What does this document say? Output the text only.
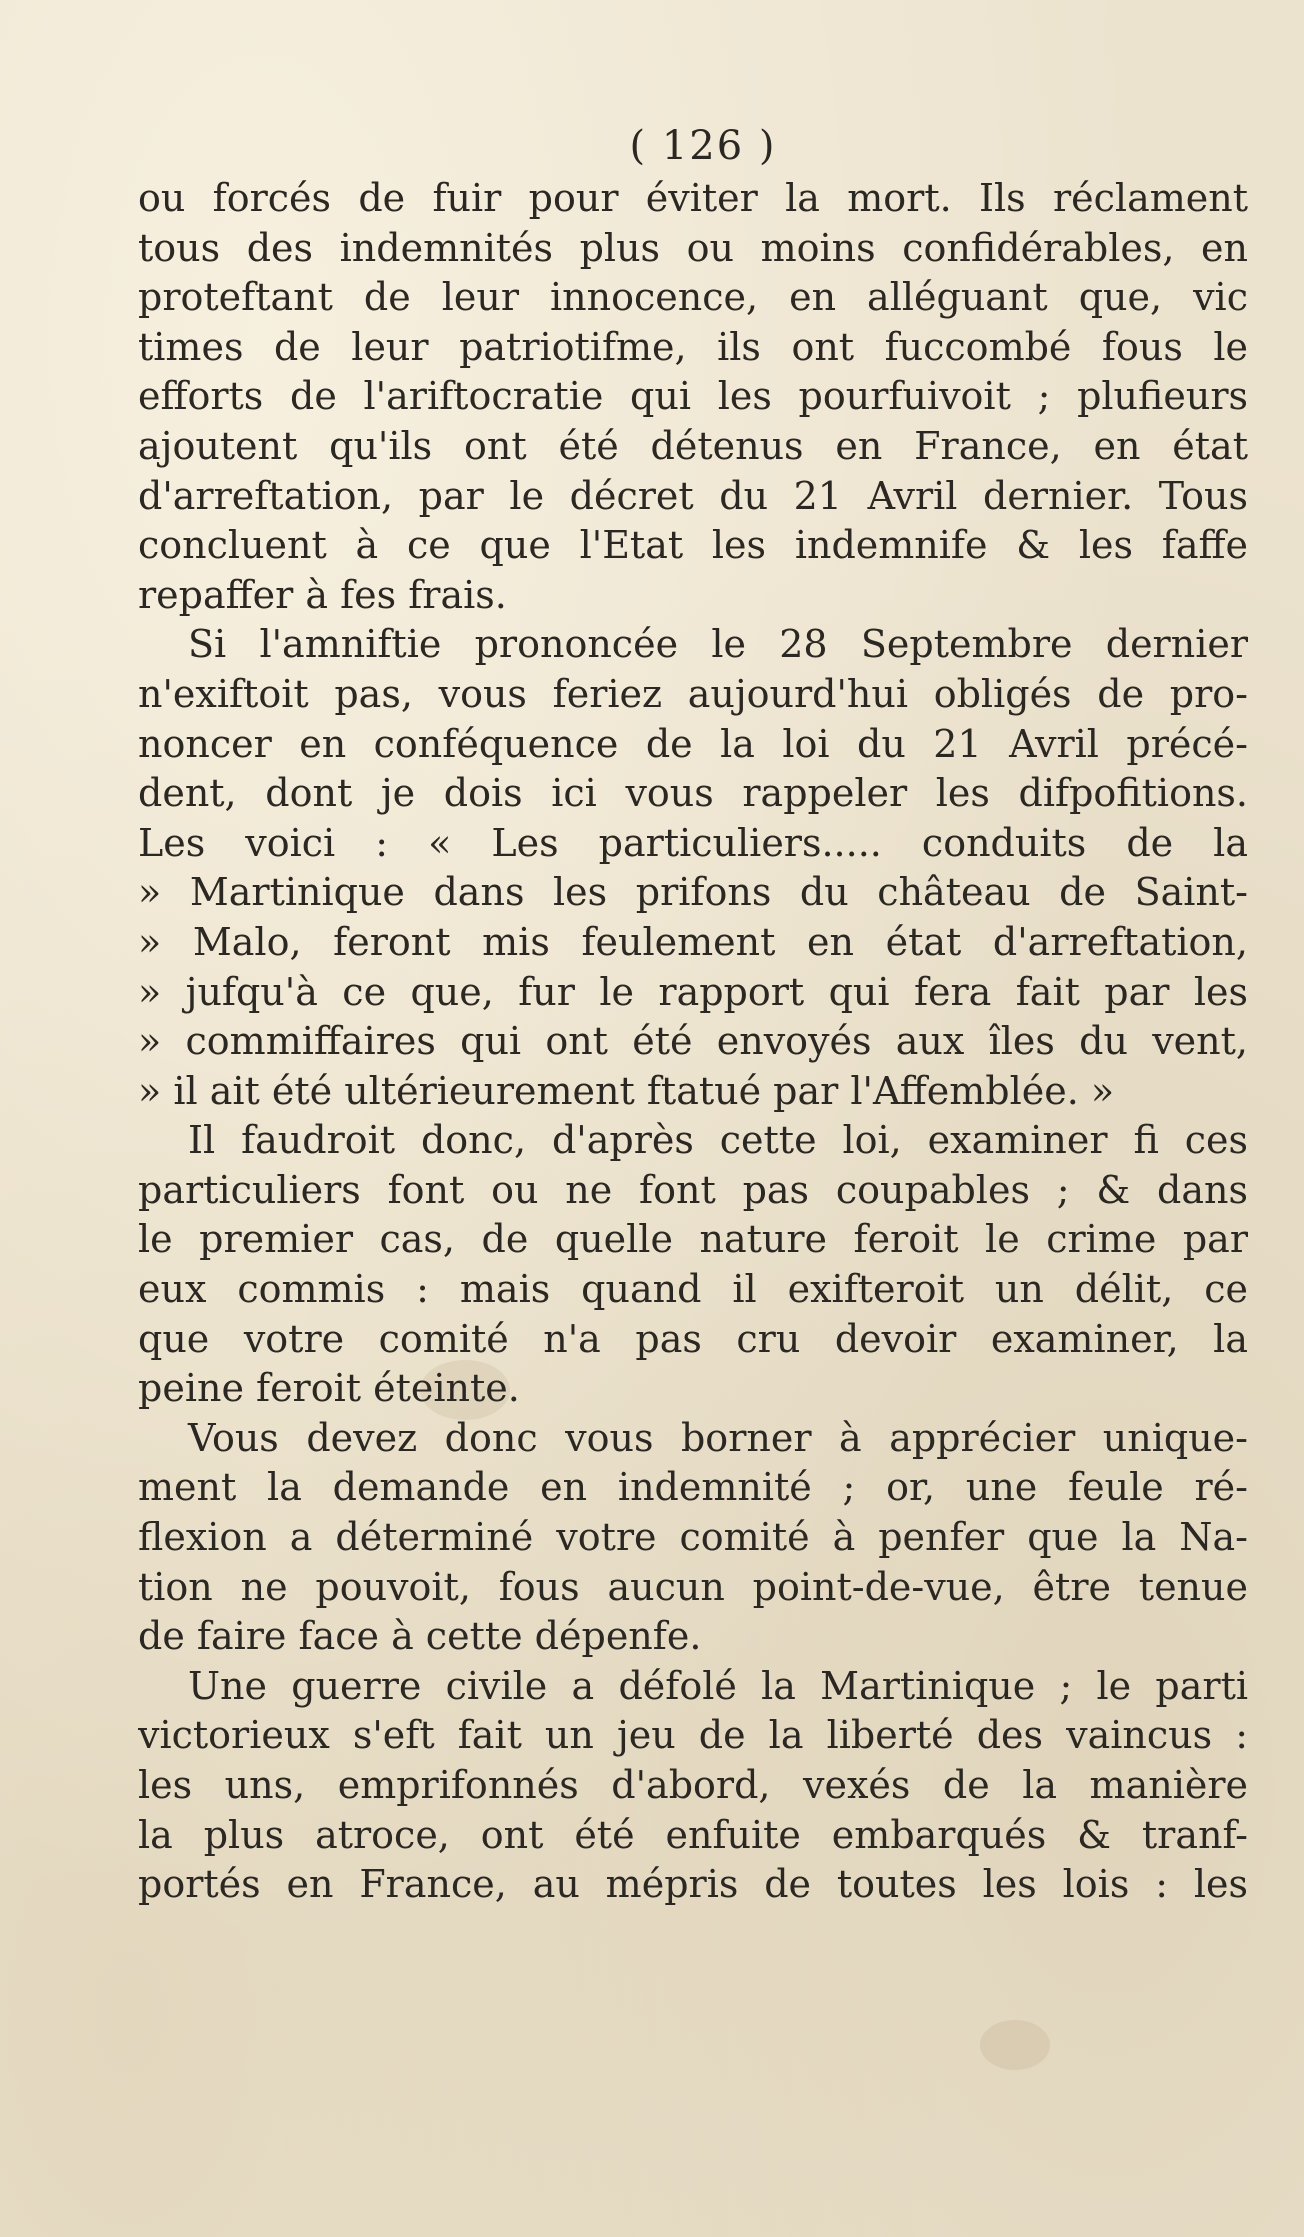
( 126 )
ou forcés de fuir pour éviter la mort. Ils réclament
tous des indemnités plus ou moins confidérables, en
proteftant de leur innocence, en alléguant que, vic
times de leur patriotifme, ils ont fuccombé fous le
efforts de l'ariftocratie qui les pourfuivoit ; plufieurs
ajoutent qu'ils ont été détenus en France, en état
d'arreftation, par le décret du 21 Avril dernier. Tous
concluent à ce que l'Etat les indemnife & les faffe
repaffer à fes frais.
Si l'amniftie prononcée le 28 Septembre dernier
n'exiftoit pas, vous feriez aujourd'hui obligés de pro-
noncer en conféquence de la loi du 21 Avril précé-
dent, dont je dois ici vous rappeler les difpofitions.
Les voici : « Les particuliers..... conduits de la
» Martinique dans les prifons du château de Saint-
» Malo, feront mis feulement en état d'arreftation,
» jufqu'à ce que, fur le rapport qui fera fait par les
» commiffaires qui ont été envoyés aux îles du vent,
» il ait été ultérieurement ftatué par l'Affemblée. »
Il faudroit donc, d'après cette loi, examiner fi ces
particuliers font ou ne font pas coupables ; & dans
le premier cas, de quelle nature feroit le crime par
eux commis : mais quand il exifteroit un délit, ce
que votre comité n'a pas cru devoir examiner, la
peine feroit éteinte.
Vous devez donc vous borner à apprécier unique-
ment la demande en indemnité ; or, une feule ré-
flexion a déterminé votre comité à penfer que la Na-
tion ne pouvoit, fous aucun point-de-vue, être tenue
de faire face à cette dépenfe.
Une guerre civile a défolé la Martinique ; le parti
victorieux s'eft fait un jeu de la liberté des vaincus :
les uns, emprifonnés d'abord, vexés de la manière
la plus atroce, ont été enfuite embarqués & tranf-
portés en France, au mépris de toutes les lois : les
